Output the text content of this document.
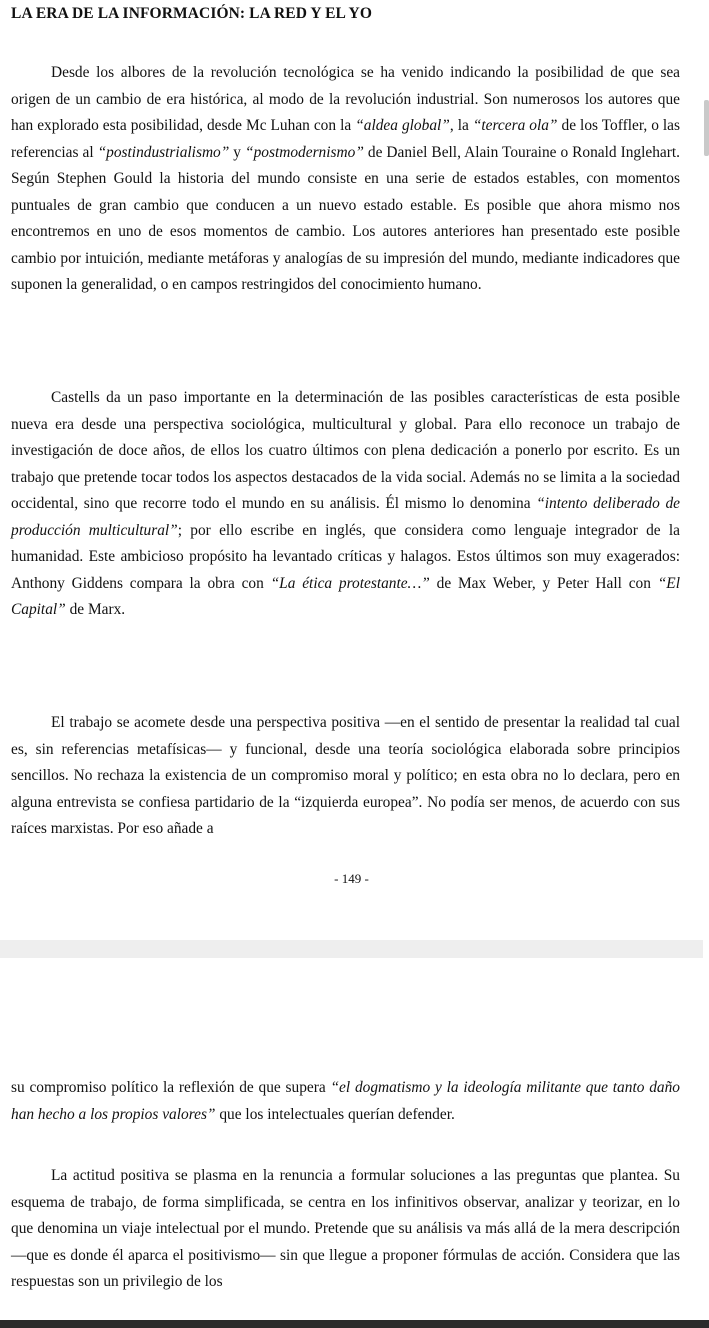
LA ERA DE LA INFORMACIÓN: LA RED Y EL YO

Desde los albores de la revolución tecnológica se ha venido indicando la posibilidad de que sea origen de un cambio de era histórica, al modo de la revolución industrial. Son numerosos los autores que han explorado esta posibilidad, desde Mc Luhan con la “aldea global”, la “tercera ola” de los Toffler, o las referencias al “postindustrialismo” y “postmodernismo” de Daniel Bell, Alain Touraine o Ronald Inglehart. Según Stephen Gould la historia del mundo consiste en una serie de estados estables, con momentos puntuales de gran cambio que conducen a un nuevo estado estable. Es posible que ahora mismo nos encontremos en uno de esos momentos de cambio. Los autores anteriores han presentado este posible cambio por intuición, mediante metáforas y analogías de su impresión del mundo, mediante indicadores que suponen la generalidad, o en campos restringidos del conocimiento humano.

Castells da un paso importante en la determinación de las posibles características de esta posible nueva era desde una perspectiva sociológica, multicultural y global. Para ello reconoce un trabajo de investigación de doce años, de ellos los cuatro últimos con plena dedicación a ponerlo por escrito. Es un trabajo que pretende tocar todos los aspectos destacados de la vida social. Además no se limita a la sociedad occidental, sino que recorre todo el mundo en su análisis. Él mismo lo denomina “intento deliberado de producción multicultural”; por ello escribe en inglés, que considera como lenguaje integrador de la humanidad. Este ambicioso propósito ha levantado críticas y halagos. Estos últimos son muy exagerados: Anthony Giddens compara la obra con “La ética protestante…” de Max Weber, y Peter Hall con “El Capital” de Marx.

El trabajo se acomete desde una perspectiva positiva —en el sentido de presentar la realidad tal cual es, sin referencias metafísicas— y funcional, desde una teoría sociológica elaborada sobre principios sencillos. No rechaza la existencia de un compromiso moral y político; en esta obra no lo declara, pero en alguna entrevista se confiesa partidario de la “izquierda europea”. No podía ser menos, de acuerdo con sus raíces marxistas. Por eso añade a

- 149 -

su compromiso político la reflexión de que supera “el dogmatismo y la ideología militante que tanto daño han hecho a los propios valores” que los intelectuales querían defender.

La actitud positiva se plasma en la renuncia a formular soluciones a las preguntas que plantea. Su esquema de trabajo, de forma simplificada, se centra en los infinitivos observar, analizar y teorizar, en lo que denomina un viaje intelectual por el mundo. Pretende que su análisis va más allá de la mera descripción —que es donde él aparca el positivismo— sin que llegue a proponer fórmulas de acción. Considera que las respuestas son un privilegio de los
